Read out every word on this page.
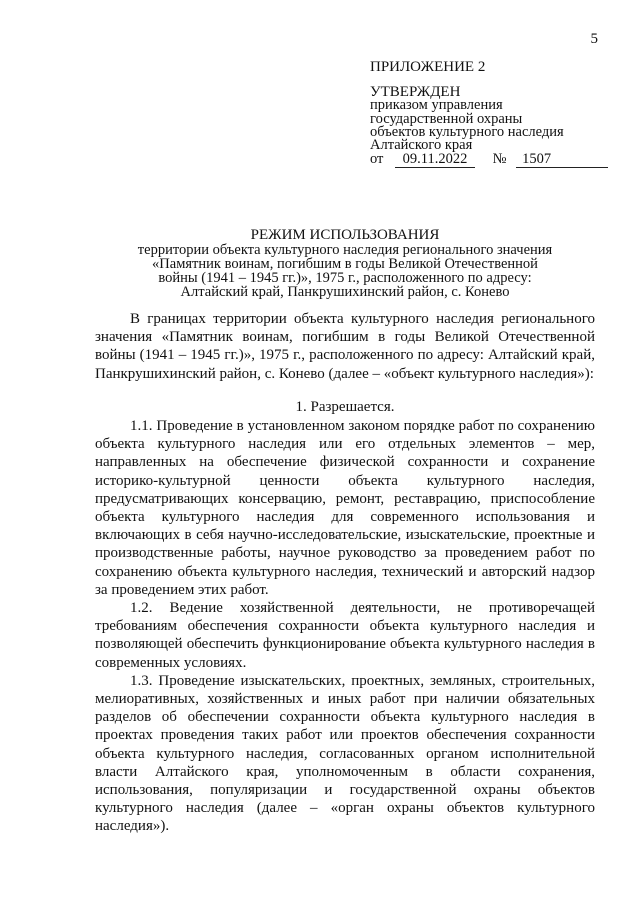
5
ПРИЛОЖЕНИЕ 2
УТВЕРЖДЕН
приказом управления
государственной охраны
объектов культурного наследия
Алтайского края
от 09.11.2022 № 1507
РЕЖИМ ИСПОЛЬЗОВАНИЯ
территории объекта культурного наследия регионального значения
«Памятник воинам, погибшим в годы Великой Отечественной
войны (1941 – 1945 гг.)», 1975 г., расположенного по адресу:
Алтайский край, Панкрушихинский район, с. Конево

В границах территории объекта культурного наследия регионального значения «Памятник воинам, погибшим в годы Великой Отечественной войны (1941 – 1945 гг.)», 1975 г., расположенного по адресу: Алтайский край, Панкрушихинский район, с. Конево (далее – «объект культурного наследия»):

1. Разрешается.

1.1. Проведение в установленном законом порядке работ по сохранению объекта культурного наследия или его отдельных элементов – мер, направленных на обеспечение физической сохранности и сохранение историко-культурной ценности объекта культурного наследия, предусматривающих консервацию, ремонт, реставрацию, приспособление объекта культурного наследия для современного использования и включающих в себя научно-исследовательские, изыскательские, проектные и производственные работы, научное руководство за проведением работ по сохранению объекта культурного наследия, технический и авторский надзор за проведением этих работ.

1.2. Ведение хозяйственной деятельности, не противоречащей требованиям обеспечения сохранности объекта культурного наследия и позволяющей обеспечить функционирование объекта культурного наследия в современных условиях.

1.3. Проведение изыскательских, проектных, земляных, строительных, мелиоративных, хозяйственных и иных работ при наличии обязательных разделов об обеспечении сохранности объекта культурного наследия в проектах проведения таких работ или проектов обеспечения сохранности объекта культурного наследия, согласованных органом исполнительной власти Алтайского края, уполномоченным в области сохранения, использования, популяризации и государственной охраны объектов культурного наследия (далее – «орган охраны объектов культурного наследия»).
